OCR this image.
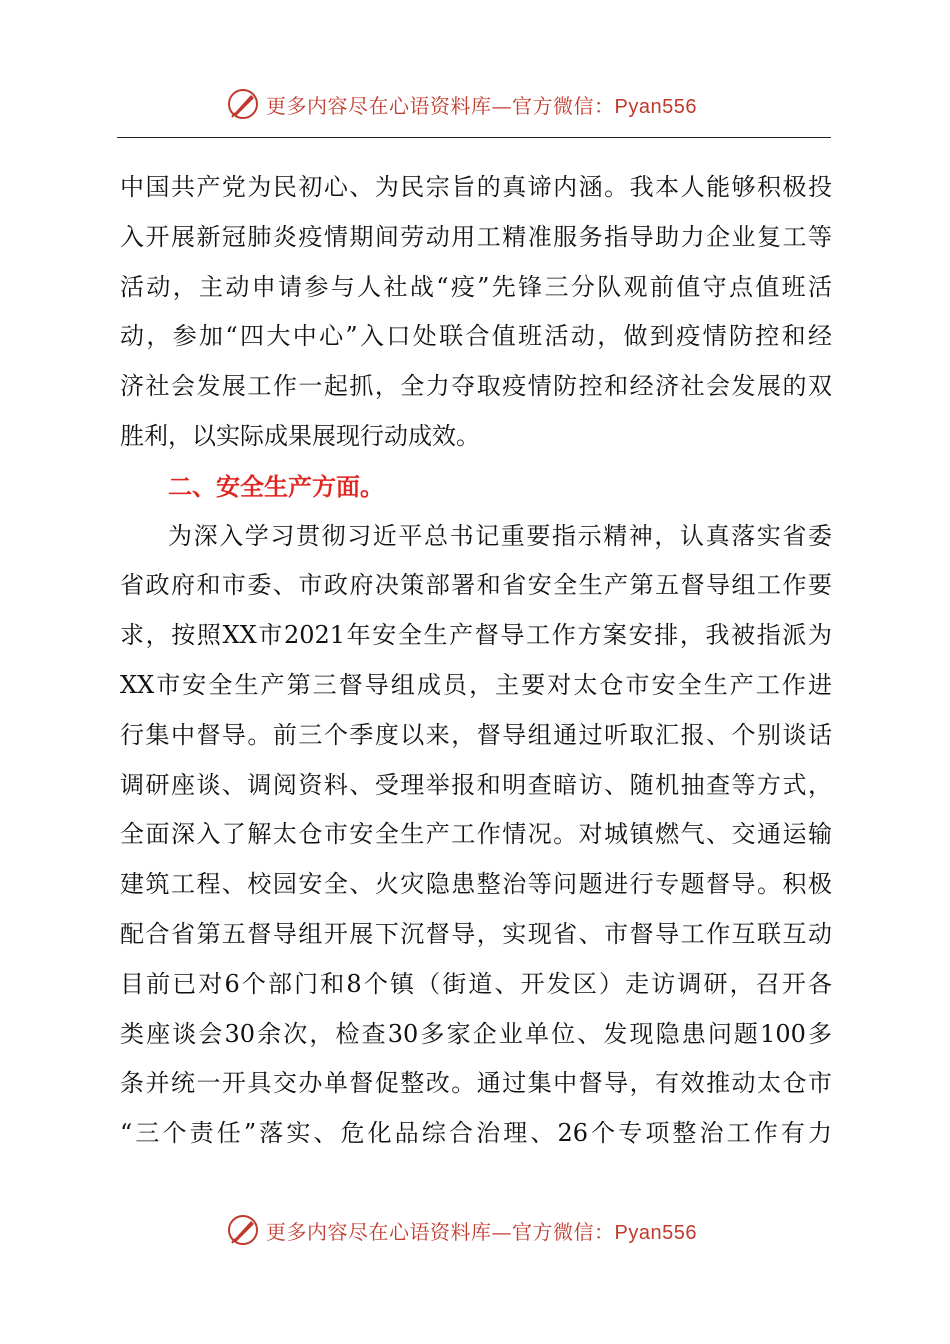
更多内容尽在心语资料库—官方微信：Pyan556
中国共产党为民初心、为民宗旨的真谛内涵。我本人能够积极投
入开展新冠肺炎疫情期间劳动用工精准服务指导助力企业复工等
活动，主动申请参与人社战“疫”先锋三分队观前值守点值班活
动，参加“四大中心”入口处联合值班活动，做到疫情防控和经
济社会发展工作一起抓，全力夺取疫情防控和经济社会发展的双
胜利，以实际成果展现行动成效。
二、安全生产方面。
为深入学习贯彻习近平总书记重要指示精神，认真落实省委
省政府和市委、市政府决策部署和省安全生产第五督导组工作要
求，按照XX市2021年安全生产督导工作方案安排，我被指派为
XX市安全生产第三督导组成员，主要对太仓市安全生产工作进
行集中督导。前三个季度以来，督导组通过听取汇报、个别谈话
调研座谈、调阅资料、受理举报和明查暗访、随机抽查等方式，
全面深入了解太仓市安全生产工作情况。对城镇燃气、交通运输
建筑工程、校园安全、火灾隐患整治等问题进行专题督导。积极
配合省第五督导组开展下沉督导，实现省、市督导工作互联互动
目前已对6个部门和8个镇（街道、开发区）走访调研，召开各
类座谈会30余次，检查30多家企业单位、发现隐患问题100多
条并统一开具交办单督促整改。通过集中督导，有效推动太仓市
“三个责任”落实、危化品综合治理、26个专项整治工作有力
更多内容尽在心语资料库—官方微信：Pyan556
